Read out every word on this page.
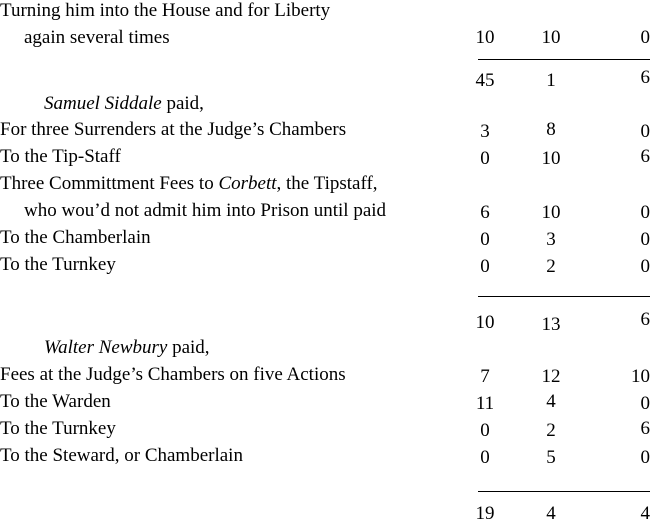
Turning him into the House and for Liberty
again several times	10	10	0
45	1	6
Samuel Siddale paid,
For three Surrenders at the Judge’s Chambers	3	8	0
To the Tip-Staff	0	10	6
Three Committment Fees to Corbett, the Tipstaff,
who wou’d not admit him into Prison until paid	6	10	0
To the Chamberlain	0	3	0
To the Turnkey	0	2	0
10	13	6
Walter Newbury paid,
Fees at the Judge’s Chambers on five Actions	7	12	10
To the Warden	11	4	0
To the Turnkey	0	2	6
To the Steward, or Chamberlain	0	5	0
19	4	4
